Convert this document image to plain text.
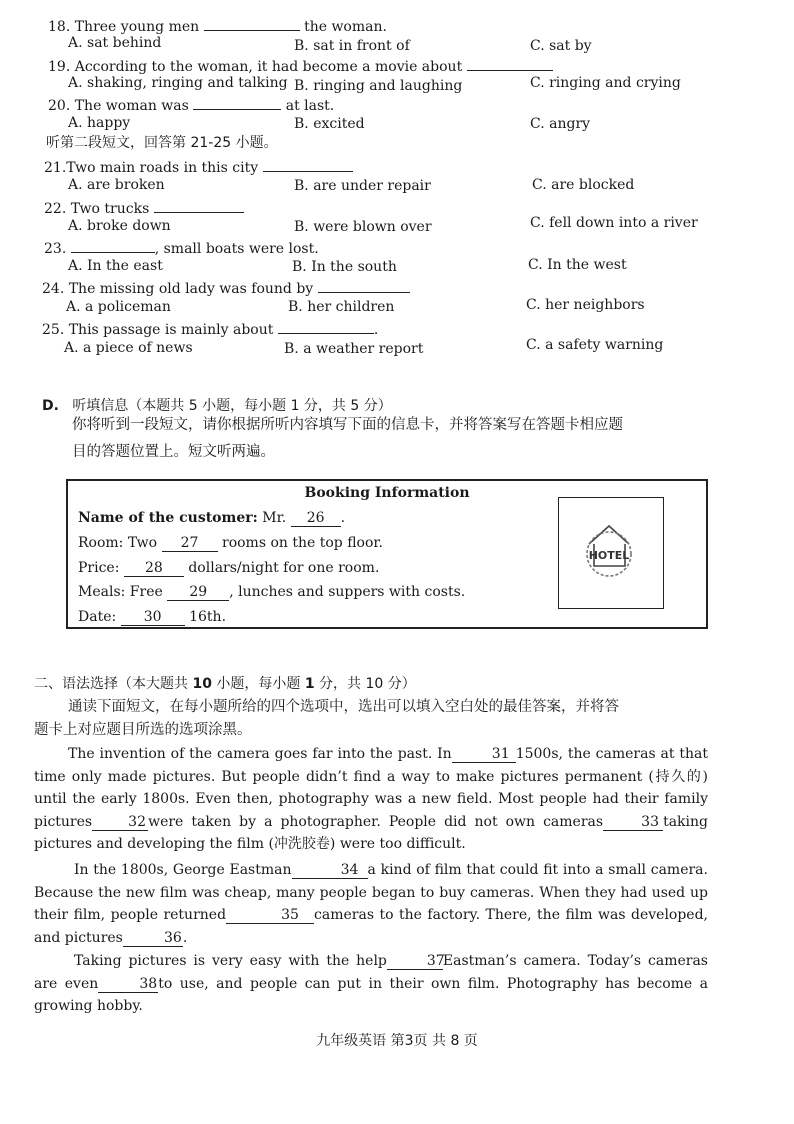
18. Three young men	the woman.
A. sat behind	B. sat in front of	C. sat by
19. According to the woman, it had become a movie about
A. shaking, ringing and talking B. ringing and laughing	C. ringing and crying
20. The woman was	at last.
A. happy	B. excited	C. angry
听第二段短文，回答第 21-25 小题。
21.Two main roads in this city
A. are broken	B. are under repair	C. are blocked
22. Two trucks
A. broke down	B. were blown over	C. fell down into a river
23.	, small boats were lost.
A. In the east	B. In the south	C. In the west
24. The missing old lady was found by
A. a policeman	B. her children	C. her neighbors
25. This passage is mainly about	.
A. a piece of news	B. a weather report	C. a safety warning
D. 听填信息（本题共 5 小题，每小题 1 分，共 5 分）
你将听到一段短文，请你根据所听内容填写下面的信息卡，并将答案写在答题卡相应题
目的答题位置上。短文听两遍。
Booking Information
Name of the customer: Mr. 26 .
Room: Two 27 rooms on the top floor.
Price: 28 dollars/night for one room.
Meals: Free 29 , lunches and suppers with costs.
Date: 30 16th.
HOTEL
二、语法选择（本大题共 10 小题，每小题 1 分，共 10 分）
通读下面短文，在每小题所给的四个选项中，选出可以填入空白处的最佳答案，并将答
题卡上对应题目所选的选项涂黑。
The invention of the camera goes far into the past. In	31 1500s, the cameras at that time only made pictures. But people didn’t find a way to make pictures permanent (持久的) until the early 1800s. Even then, photography was a new field. Most people had their family pictures	32 were taken by a photographer. People did not own cameras	33 taking pictures and developing the film (冲洗胶卷) were too difficult.
In the 1800s, George Eastman	34 a kind of film that could fit into a small camera. Because the new film was cheap, many people began to buy cameras. When they had used up their film, people returned	35 cameras to the factory. There, the film was developed, and pictures	36.
Taking pictures is very easy with the help	37Eastman’s camera. Today’s cameras are even	38to use, and people can put in their own film. Photography has become a growing hobby.
九年级英语 第3页 共 8 页
